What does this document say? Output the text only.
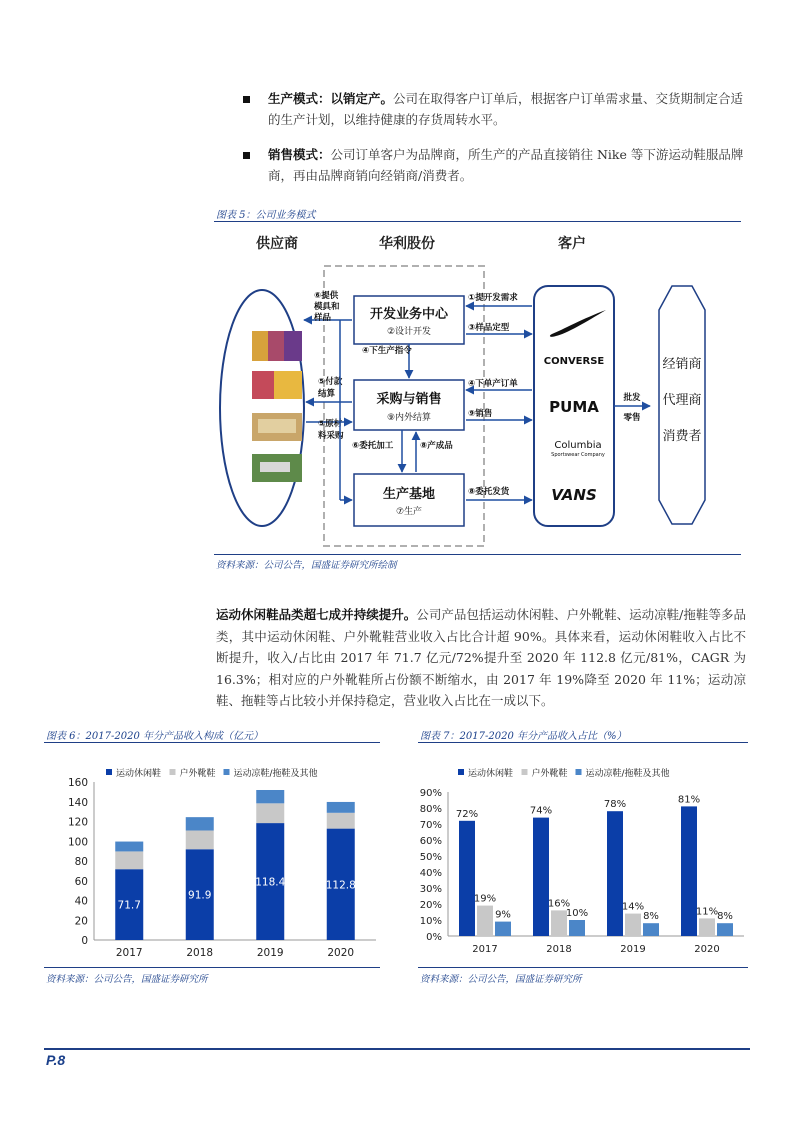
生产模式：以销定产。公司在取得客户订单后，根据客户订单需求量、交货期制定合适的生产计划，以维持健康的存货周转水平。
销售模式：公司订单客户为品牌商，所生产的产品直接销往 Nike 等下游运动鞋服品牌商，再由品牌商销向经销商/消费者。
图表 5：公司业务模式
供应商	华利股份	客户
开发业务中心
②设计开发
采购与销售
⑨内外结算
生产基地
⑦生产
⑥提供
模具和
样品
⑤付款
结算
⑤原材
料采购
④下生产指令
⑥委托加工	⑧产成品
①提开发需求
③样品定型
④下单产订单
⑨销售
⑧委托发货
CONVERSE
PUMA
Columbia
Sportswear Company
VANS
批发
零售
经销商
代理商
消费者
资料来源：公司公告，国盛证券研究所绘制
运动休闲鞋品类超七成并持续提升。公司产品包括运动休闲鞋、户外靴鞋、运动凉鞋/拖鞋等多品类，其中运动休闲鞋、户外靴鞋营业收入占比合计超 90%。具体来看，运动休闲鞋收入占比不断提升，收入/占比由 2017 年 71.7 亿元/72%提升至 2020 年 112.8 亿元/81%，CAGR 为 16.3%；相对应的户外靴鞋所占份额不断缩水，由 2017 年 19%降至 2020 年 11%；运动凉鞋、拖鞋等占比较小并保持稳定，营业收入占比在一成以下。
图表 6：2017-2020 年分产品收入构成（亿元）
0
20
40
60
80
100
120
140
160
运动休闲鞋 户外靴鞋 运动凉鞋/拖鞋及其他
2017	2018	2019	2020
71.7
91.9
118.4	112.8
资料来源：公司公告，国盛证券研究所
图表 7：2017-2020 年分产品收入占比（%）
0%
10%
20%
30%
40%
50%
60%
70%
80%
90%
运动休闲鞋 户外靴鞋 运动凉鞋/拖鞋及其他
2017	2018	2019	2020
72%
19%
9%
74%
16%
10%
78%
14%
8%
81%
11%
8%
资料来源：公司公告，国盛证券研究所
P.8
